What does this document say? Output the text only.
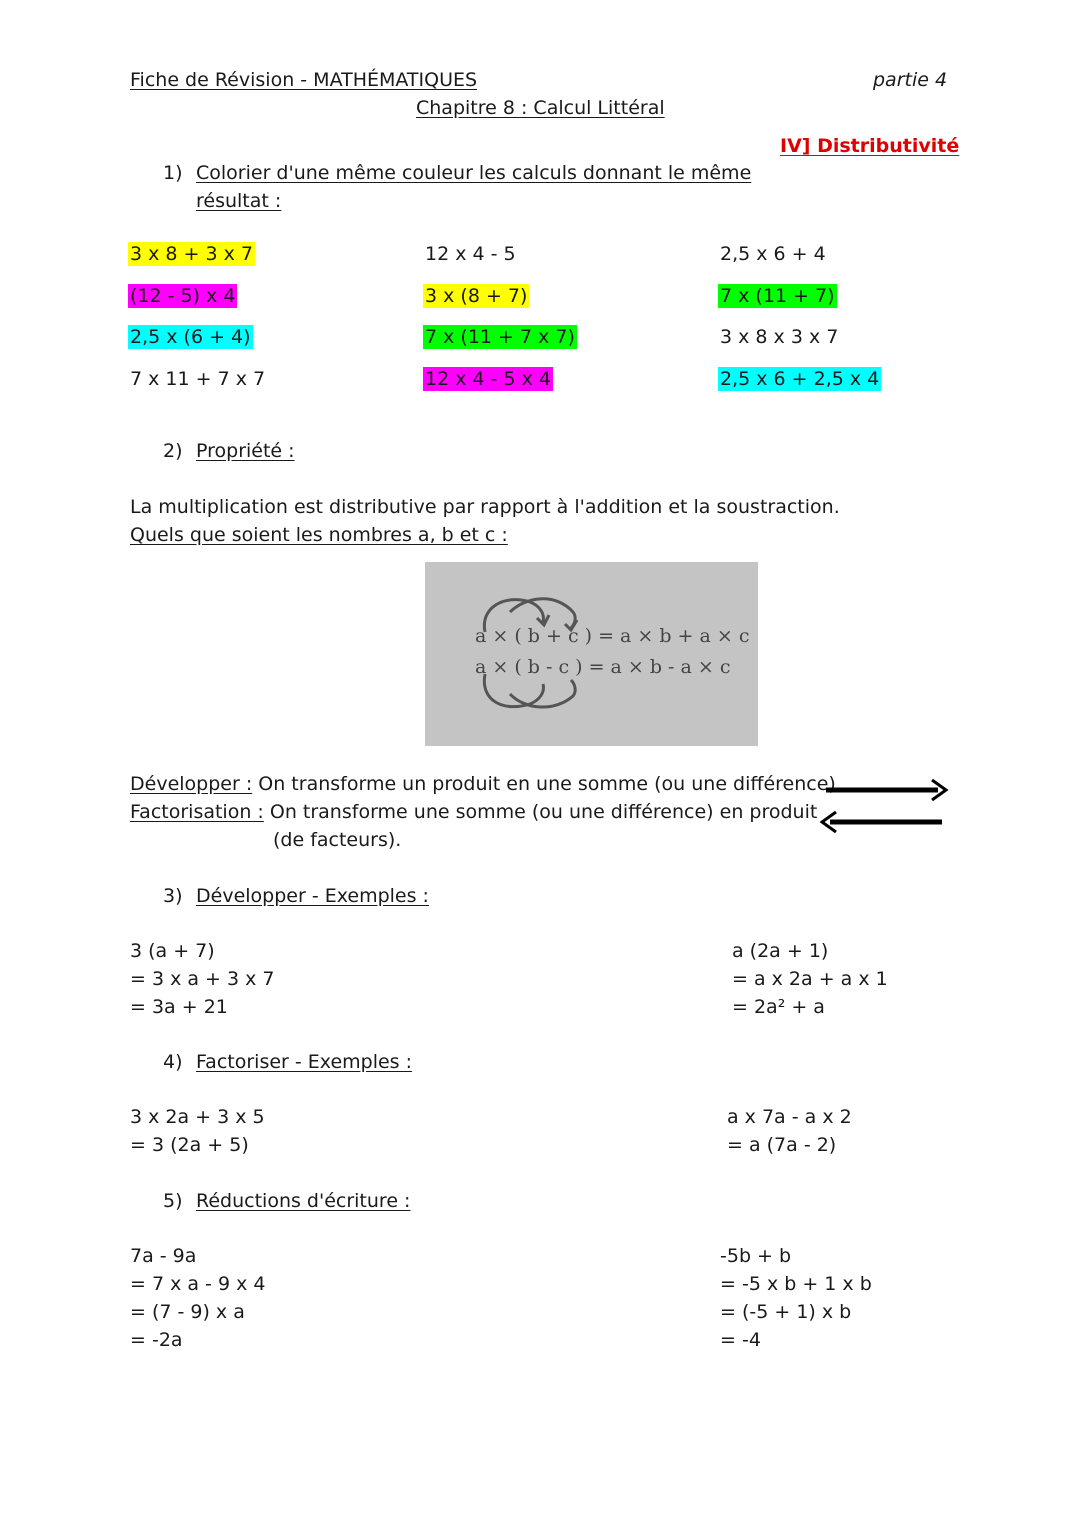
Fiche de Révision - MATHÉMATIQUES	partie 4
Chapitre 8 : Calcul Littéral
IV] Distributivité
1) Colorier d'une même couleur les calculs donnant le même
résultat :
3 x 8 + 3 x 7
(12 - 5) x 4
2,5 x (6 + 4)
7 x 11 + 7 x 7
12 x 4 - 5
3 x (8 + 7)
7 x (11 + 7 x 7)
12 x 4 - 5 x 4
2,5 x 6 + 4
7 x (11 + 7)
3 x 8 x 3 x 7
2,5 x 6 + 2,5 x 4
2) Propriété :
La multiplication est distributive par rapport à l'addition et la soustraction.
Quels que soient les nombres a, b et c :
a × ( b + c ) = a × b + a × c
a × ( b - c ) = a × b - a × c
Développer : On transforme un produit en une somme (ou une différence)
Factorisation : On transforme une somme (ou une différence) en produit
(de facteurs).
3) Développer - Exemples :
3 (a + 7)
= 3 x a + 3 x 7
= 3a + 21
a (2a + 1)
= a x 2a + a x 1
= 2a² + a
4) Factoriser - Exemples :
3 x 2a + 3 x 5
= 3 (2a + 5)
a x 7a - a x 2
= a (7a - 2)
5) Réductions d'écriture :
7a - 9a
= 7 x a - 9 x 4
= (7 - 9) x a
= -2a
-5b + b
= -5 x b + 1 x b
= (-5 + 1) x b
= -4
